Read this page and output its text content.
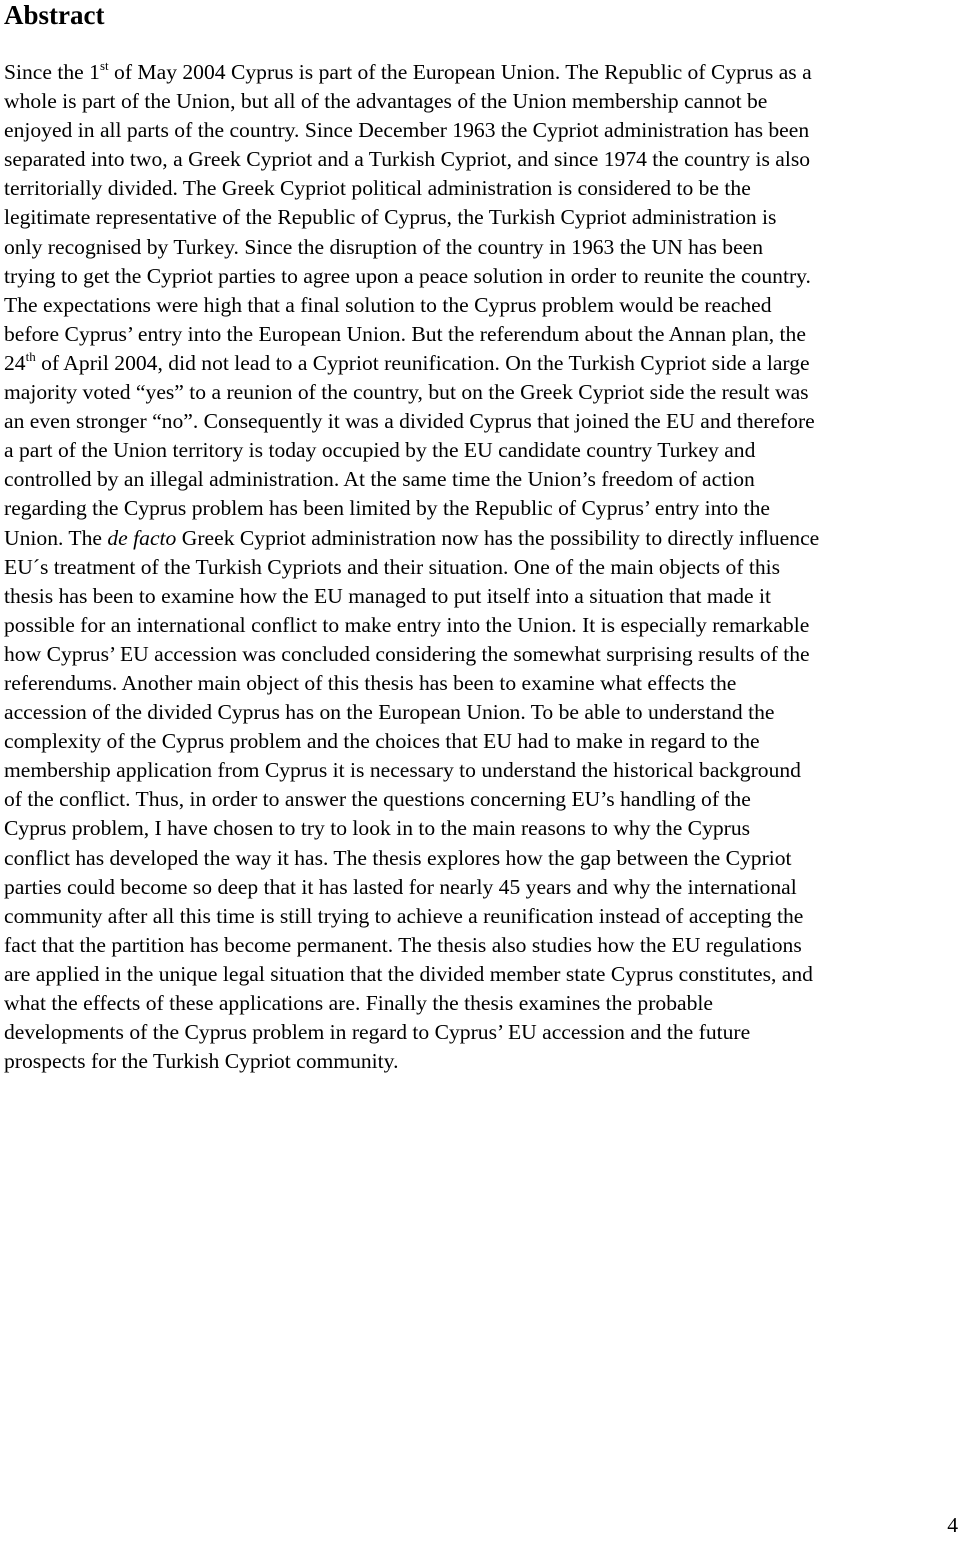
Abstract
Since the 1st of May 2004 Cyprus is part of the European Union. The Republic of Cyprus as a
whole is part of the Union, but all of the advantages of the Union membership cannot be
enjoyed in all parts of the country. Since December 1963 the Cypriot administration has been
separated into two, a Greek Cypriot and a Turkish Cypriot, and since 1974 the country is also
territorially divided. The Greek Cypriot political administration is considered to be the
legitimate representative of the Republic of Cyprus, the Turkish Cypriot administration is
only recognised by Turkey. Since the disruption of the country in 1963 the UN has been
trying to get the Cypriot parties to agree upon a peace solution in order to reunite the country.
The expectations were high that a final solution to the Cyprus problem would be reached
before Cyprus’ entry into the European Union. But the referendum about the Annan plan, the
24th of April 2004, did not lead to a Cypriot reunification. On the Turkish Cypriot side a large
majority voted “yes” to a reunion of the country, but on the Greek Cypriot side the result was
an even stronger “no”. Consequently it was a divided Cyprus that joined the EU and therefore
a part of the Union territory is today occupied by the EU candidate country Turkey and
controlled by an illegal administration. At the same time the Union’s freedom of action
regarding the Cyprus problem has been limited by the Republic of Cyprus’ entry into the
Union. The de facto Greek Cypriot administration now has the possibility to directly influence
EU´s treatment of the Turkish Cypriots and their situation. One of the main objects of this
thesis has been to examine how the EU managed to put itself into a situation that made it
possible for an international conflict to make entry into the Union. It is especially remarkable
how Cyprus’ EU accession was concluded considering the somewhat surprising results of the
referendums. Another main object of this thesis has been to examine what effects the
accession of the divided Cyprus has on the European Union. To be able to understand the
complexity of the Cyprus problem and the choices that EU had to make in regard to the
membership application from Cyprus it is necessary to understand the historical background
of the conflict. Thus, in order to answer the questions concerning EU’s handling of the
Cyprus problem, I have chosen to try to look in to the main reasons to why the Cyprus
conflict has developed the way it has. The thesis explores how the gap between the Cypriot
parties could become so deep that it has lasted for nearly 45 years and why the international
community after all this time is still trying to achieve a reunification instead of accepting the
fact that the partition has become permanent. The thesis also studies how the EU regulations
are applied in the unique legal situation that the divided member state Cyprus constitutes, and
what the effects of these applications are. Finally the thesis examines the probable
developments of the Cyprus problem in regard to Cyprus’ EU accession and the future
prospects for the Turkish Cypriot community.
4
